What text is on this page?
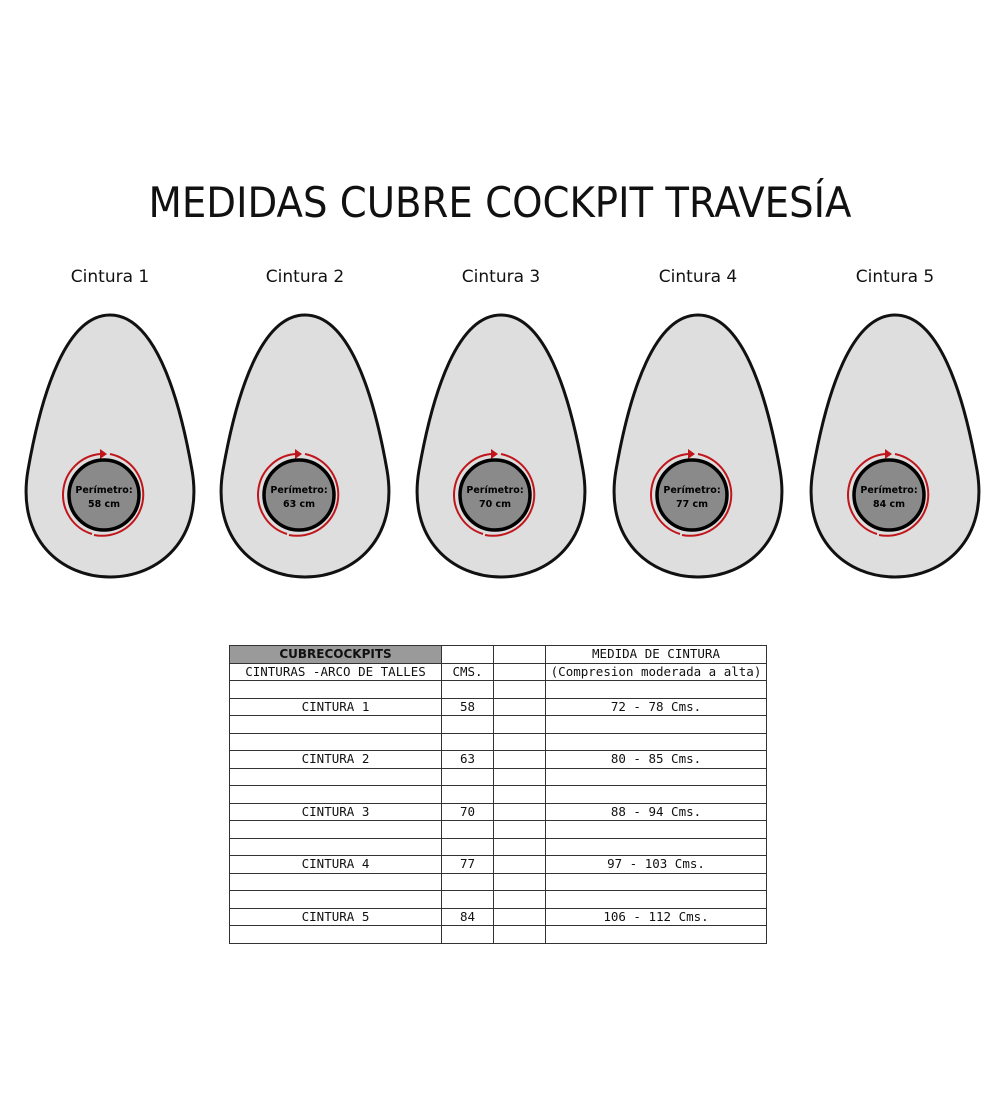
MEDIDAS CUBRE COCKPIT TRAVESÍA
Cintura 1
Perímetro:
58 cm
Cintura 2
Perímetro:
63 cm
Cintura 3
Perímetro:
70 cm
Cintura 4
Perímetro:
77 cm
Cintura 5
Perímetro:
84 cm
CUBRECOCKPITS			MEDIDA DE CINTURA
CINTURAS -ARCO DE TALLES	CMS.		(Compresion moderada a alta)

CINTURA 1	58		72 - 78 Cms.

CINTURA 2	63		80 - 85 Cms.

CINTURA 3	70		88 - 94 Cms.

CINTURA 4	77		97 - 103 Cms.

CINTURA 5	84		106 - 112 Cms.
